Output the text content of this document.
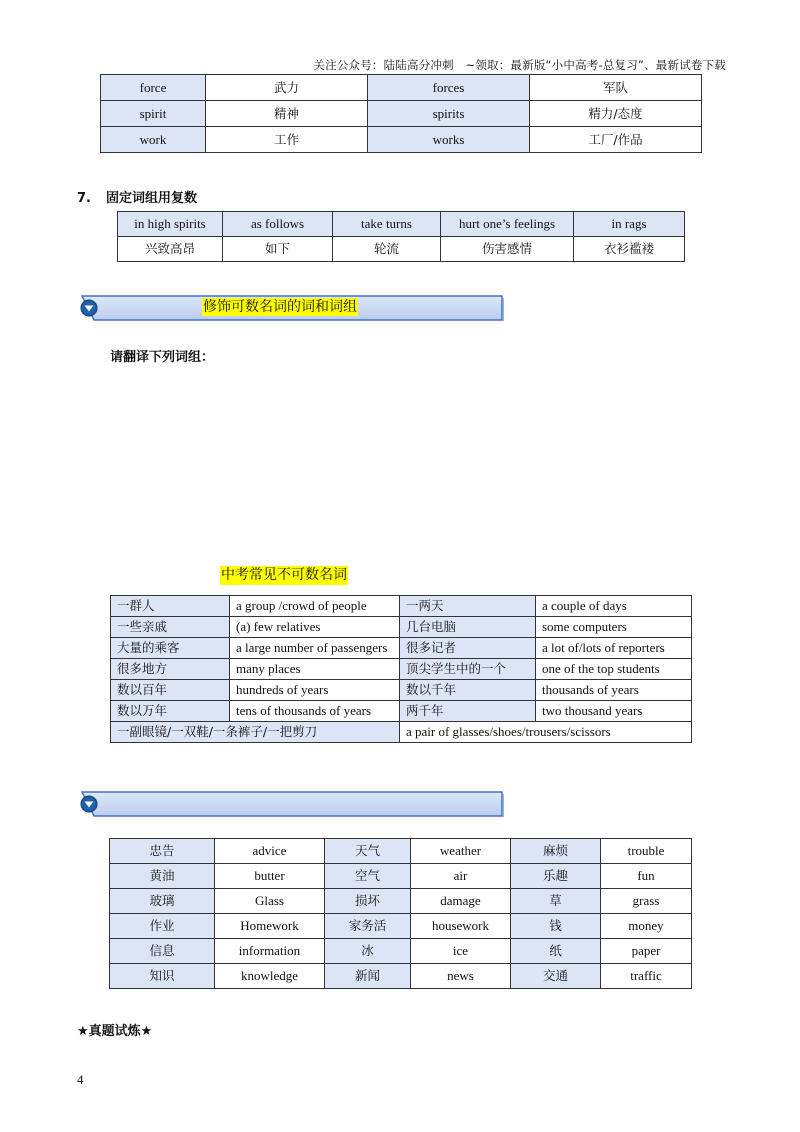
关注公众号：陆陆高分冲刺　~领取：最新版“小中高考-总复习”、最新试卷下载
force	武力	forces	军队
spirit	精神	spirits	精力/态度
work	工作	works	工厂/作品
7. 固定词组用复数
in high spirits	as follows	take turns	hurt one’s feelings	in rags
兴致高昂	如下	轮流	伤害感情	衣衫褴褛
修饰可数名词的词和词组
请翻译下列词组：
中考常见不可数名词
一群人	a group /crowd of people	一两天	a couple of days
一些亲戚	(a) few relatives	几台电脑	some computers
大量的乘客	a large number of passengers	很多记者	a lot of/lots of reporters
很多地方	many places	顶尖学生中的一个	one of the top students
数以百年	hundreds of years	数以千年	thousands of years
数以万年	tens of thousands of years	两千年	two thousand years
一副眼镜/一双鞋/一条裤子/一把剪刀		a pair of glasses/shoes/trousers/scissors	
忠告	advice	天气	weather	麻烦	trouble
黄油	butter	空气	air	乐趣	fun
玻璃	Glass	损坏	damage	草	grass
作业	Homework	家务活	housework	钱	money
信息	information	冰	ice	纸	paper
知识	knowledge	新闻	news	交通	traffic
★真题试炼★
4
